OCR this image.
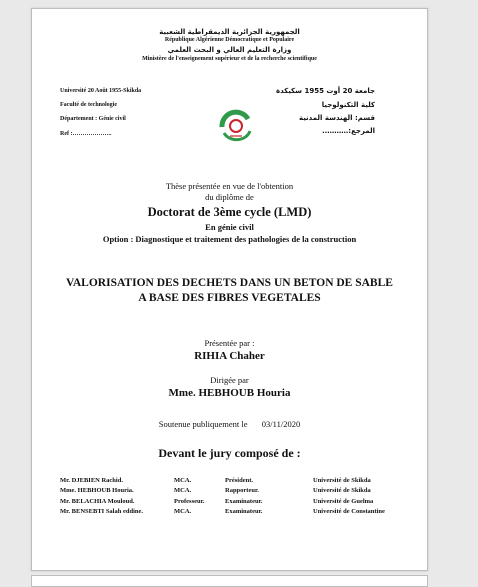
الجمهورية الجزائرية الديمقراطية الشعبية
République Algérienne Démocratique et Populaire
وزارة التعليم العالي و البحث العلمي
Ministère de l'enseignement supérieur et de la recherche scientifique
Université 20 Août 1955-Skikda
Faculté de technologie
Département : Génie civil
Ref :………………..
جامعة 20 أوت 1955 سكيكدة
كلية التكنولوجيا
قسم: الهندسة المدنية
المرجع:………..
Thèse présentée en vue de l'obtention
du diplôme de
Doctorat de 3ème cycle (LMD)
En génie civil
Option : Diagnostique et traitement des pathologies de la construction
VALORISATION DES DECHETS DANS UN BETON DE SABLE
A BASE DES FIBRES VEGETALES
Présentée par :
RIHIA Chaher
Dirigée par
Mme. HEBHOUB Houria
Soutenue publiquement le 03/11/2020
Devant le jury composé de :
Mr. DJEBIEN Rachid.	MCA.	Président.	Université de Skikda
Mme. HEBHOUB Houria.	MCA.	Rapporteur.	Université de Skikda
Mr. BELACHIA Mouloud.	Professeur.	Examinateur.	Université de Guelma
Mr. BENSEBTI Salah eddine.	MCA.	Examinateur.	Université de Constantine
